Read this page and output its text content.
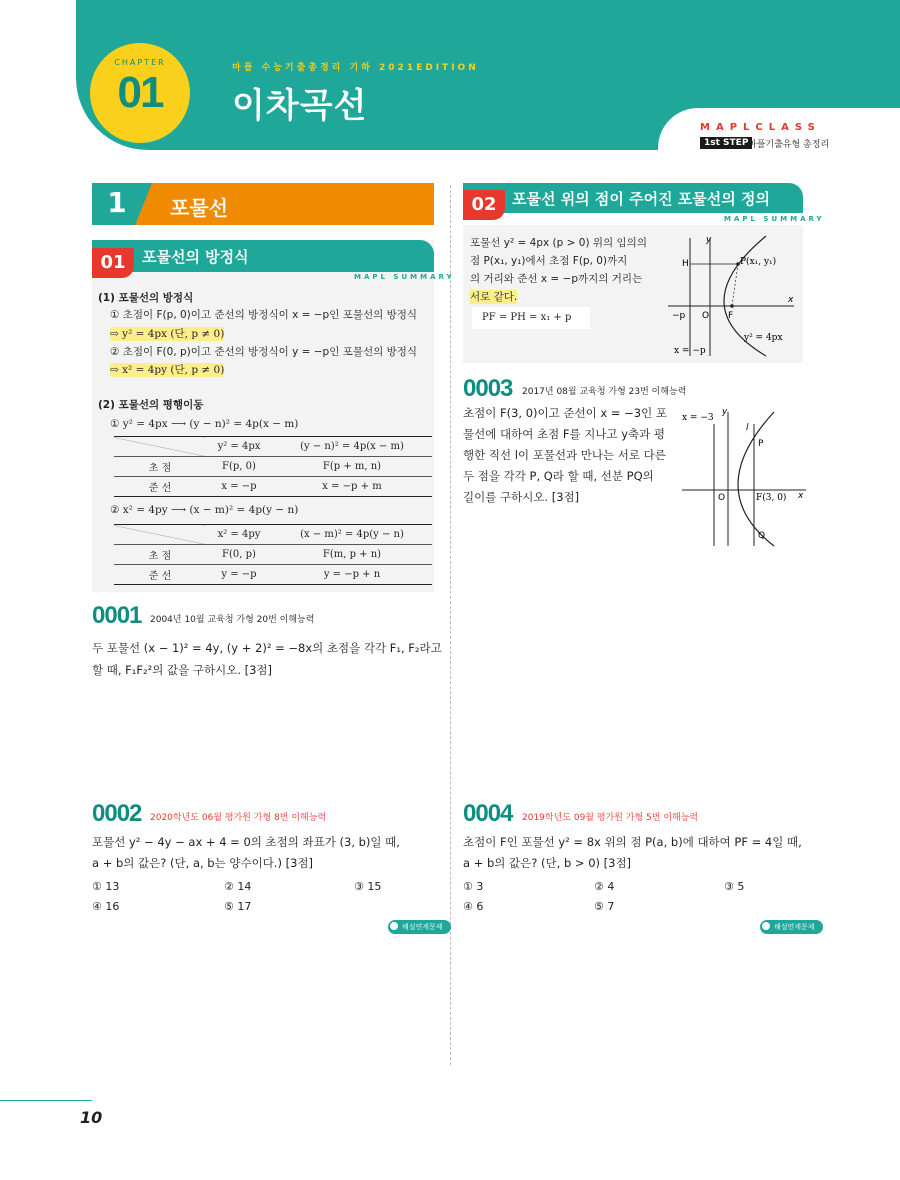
CHAPTER
01	마플 수능기출총정리 기하 2021EDITION
이차곡선
MAPLCLASS
1st STEP 마플기출유형 총정리
1	포물선
01	포물선의 방정식
MAPL SUMMARY
(1) 포물선의 방정식
① 초점이 F(p, 0)이고 준선의 방정식이 x = −p인 포물선의 방정식
⇨ y² = 4px (단, p ≠ 0)
② 초점이 F(0, p)이고 준선의 방정식이 y = −p인 포물선의 방정식
⇨ x² = 4py (단, p ≠ 0)
(2) 포물선의 평행이동
① y² = 4px ⟶ (y − n)² = 4p(x − m)
	y² = 4px	(y − n)² = 4p(x − m)
초 점	F(p, 0)	F(p + m, n)
준 선	x = −p	x = −p + m
② x² = 4py ⟶ (x − m)² = 4p(y − n)
	x² = 4py	(x − m)² = 4p(y − n)
초 점	F(0, p)	F(m, p + n)
준 선	y = −p	y = −p + n
0001 2004년 10월 교육청 가형 20번 이해능력
두 포물선 (x − 1)² = 4y, (y + 2)² = −8x의 초점을 각각 F₁, F₂라고
할 때, F₁F₂²의 값을 구하시오. [3점]
0002 2020학년도 06월 평가원 가형 8번 이해능력
포물선 y² − 4y − ax + 4 = 0의 초점의 좌표가 (3, b)일 때,
a + b의 값은? (단, a, b는 양수이다.) [3점]
① 13	② 14	③ 15
④ 16	⑤ 17
해설연계문제
02	포물선 위의 점이 주어진 포물선의 정의
MAPL SUMMARY
포물선 y² = 4px (p > 0) 위의 임의의
점 P(x₁, y₁)에서 초점 F(p, 0)까지
의 거리와 준선 x = −p까지의 거리는
서로 같다.
PF = PH = x₁ + p
y
x
H	P(x₁, y₁)
O F
−p
y² = 4px
x = −p
0003 2017년 08월 교육청 가형 23번 이해능력
초점이 F(3, 0)이고 준선이 x = −3인 포
물선에 대하여 초점 F를 지나고 y축과 평
행한 직선 l이 포물선과 만나는 서로 다른
두 점을 각각 P, Q라 할 때, 선분 PQ의
길이를 구하시오. [3점]
x = −3
y
l
P
O	F(3, 0) x
Q
0004 2019학년도 09월 평가원 가형 5번 이해능력
초점이 F인 포물선 y² = 8x 위의 점 P(a, b)에 대하여 PF = 4일 때,
a + b의 값은? (단, b > 0) [3점]
① 3	② 4	③ 5
④ 6	⑤ 7
해설연계문제
10
